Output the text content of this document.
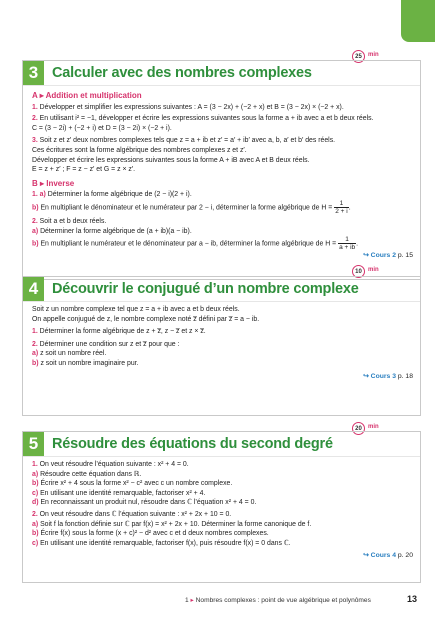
25	min
3 Calculer avec des nombres complexes
A ▸ Addition et multiplication
1. Développer et simplifier les expressions suivantes : A = (3 − 2x) + (−2 + x) et B = (3 − 2x) × (−2 + x).
2. En utilisant i² = −1, développer et écrire les expressions suivantes sous la forme a + ib avec a et b deux réels.
C = (3 − 2i) + (−2 + i) et D = (3 − 2i) × (−2 + i).
3. Soit z et z′ deux nombres complexes tels que z = a + ib et z′ = a′ + ib′ avec a, b, a′ et b′ des réels.
Ces écritures sont la forme algébrique des nombres complexes z et z′.
Développer et écrire les expressions suivantes sous la forme A + iB avec A et B deux réels.
E = z + z′ ; F = z − z′ et G = z × z′.
B ▸ Inverse
1. a) Déterminer la forme algébrique de (2 − i)(2 + i).
b) En multipliant le dénominateur et le numérateur par 2 − i, déterminer la forme algébrique de $H = \frac{1}{2 + i}$ .
2. Soit a et b deux réels.
a) Déterminer la forme algébrique de (a + ib)(a − ib).
b) En multipliant le numérateur et le dénominateur par a − ib, déterminer la forme algébrique de $H = \frac{1}{a + ib}$ .
↪ Cours 2 p. 15
10	min
4 Découvrir le conjugué d’un nombre complexe
Soit z un nombre complexe tel que z = a + ib avec a et b deux réels.
On appelle conjugué de z, le nombre complexe noté z̅ défini par z̅ = a − ib.
1. Déterminer la forme algébrique de z + z̅, z − z̅ et z × z̅.
2. Déterminer une condition sur z et z̅ pour que :
a) z soit un nombre réel.
b) z soit un nombre imaginaire pur.
↪ Cours 3 p. 18
20	min
5 Résoudre des équations du second degré
1. On veut résoudre l’équation suivante : x² + 4 = 0.
a) Résoudre cette équation dans ℝ.
b) Écrire x² + 4 sous la forme x² − c² avec c un nombre complexe.
c) En utilisant une identité remarquable, factoriser x² + 4.
d) En reconnaissant un produit nul, résoudre dans ℂ l’équation x² + 4 = 0.
2. On veut résoudre dans ℂ l’équation suivante : x² + 2x + 10 = 0.
a) Soit f la fonction définie sur ℂ par f(x) = x² + 2x + 10. Déterminer la forme canonique de f.
b) Écrire f(x) sous la forme (x + c)² − d² avec c et d deux nombres complexes.
c) En utilisant une identité remarquable, factoriser f(x), puis résoudre f(x) = 0 dans ℂ.
↪ Cours 4 p. 20
1 ▸ Nombres complexes : point de vue algébrique et polynômes	13
